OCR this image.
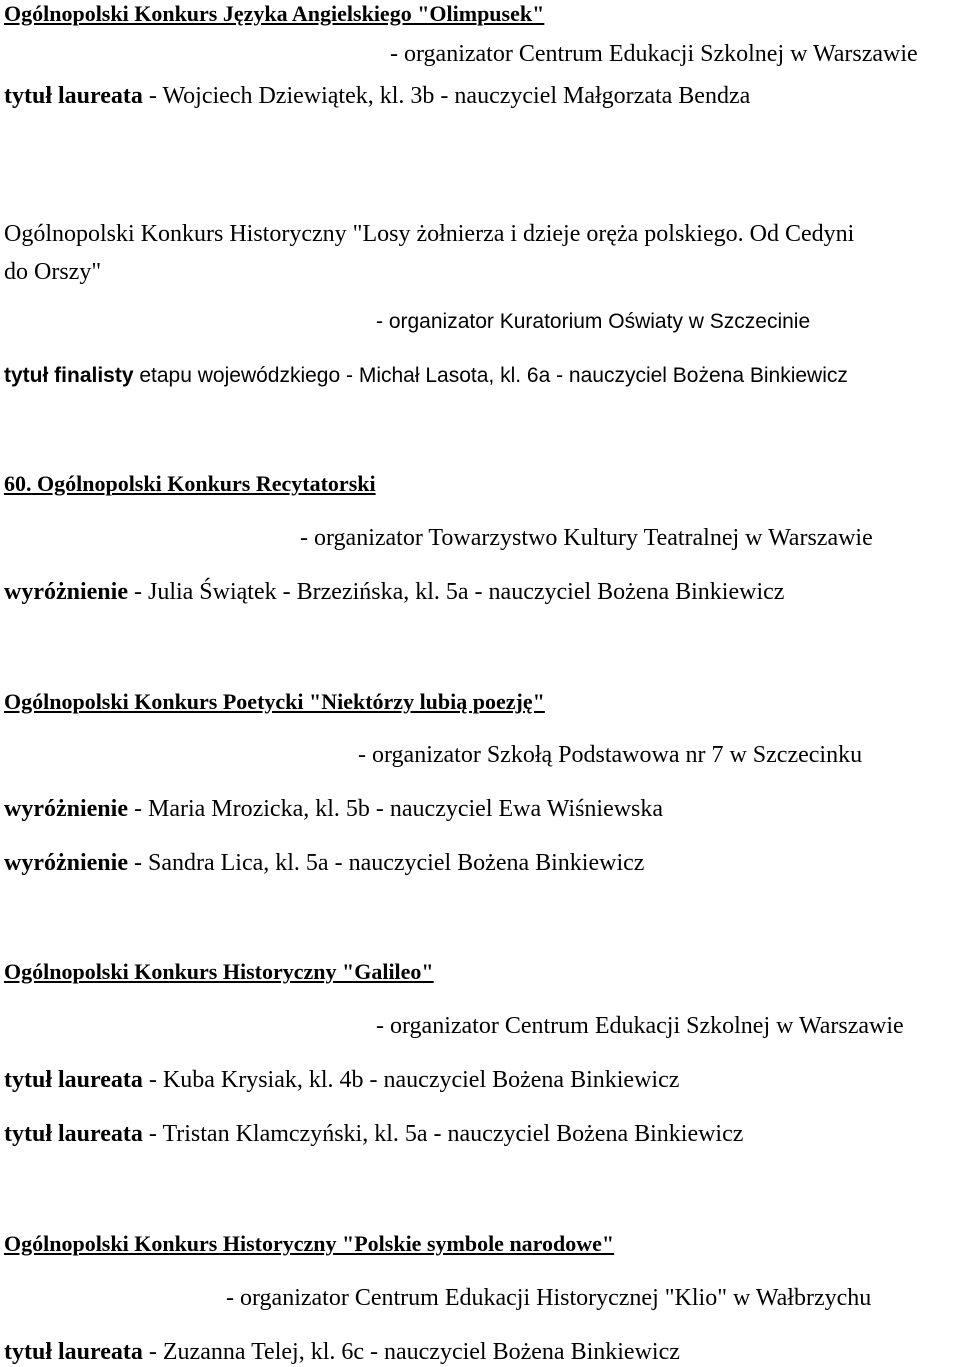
Ogólnopolski Konkurs Języka Angielskiego "Olimpusek"
- organizator Centrum Edukacji Szkolnej w Warszawie
tytuł laureata - Wojciech Dziewiątek, kl. 3b - nauczyciel Małgorzata Bendza
Ogólnopolski Konkurs Historyczny "Losy żołnierza i dzieje oręża polskiego. Od Cedyni
do Orszy"
- organizator Kuratorium Oświaty w Szczecinie
tytuł finalisty etapu wojewódzkiego - Michał Lasota, kl. 6a - nauczyciel Bożena Binkiewicz
60. Ogólnopolski Konkurs Recytatorski
- organizator Towarzystwo Kultury Teatralnej w Warszawie
wyróżnienie - Julia Świątek - Brzezińska, kl. 5a - nauczyciel Bożena Binkiewicz
Ogólnopolski Konkurs Poetycki "Niektórzy lubią poezję"
- organizator Szkołą Podstawowa nr 7 w Szczecinku
wyróżnienie - Maria Mrozicka, kl. 5b - nauczyciel Ewa Wiśniewska
wyróżnienie - Sandra Lica, kl. 5a - nauczyciel Bożena Binkiewicz
Ogólnopolski Konkurs Historyczny "Galileo"
- organizator Centrum Edukacji Szkolnej w Warszawie
tytuł laureata - Kuba Krysiak, kl. 4b - nauczyciel Bożena Binkiewicz
tytuł laureata - Tristan Klamczyński, kl. 5a - nauczyciel Bożena Binkiewicz
Ogólnopolski Konkurs Historyczny "Polskie symbole narodowe"
- organizator Centrum Edukacji Historycznej "Klio" w Wałbrzychu
tytuł laureata - Zuzanna Telej, kl. 6c - nauczyciel Bożena Binkiewicz
